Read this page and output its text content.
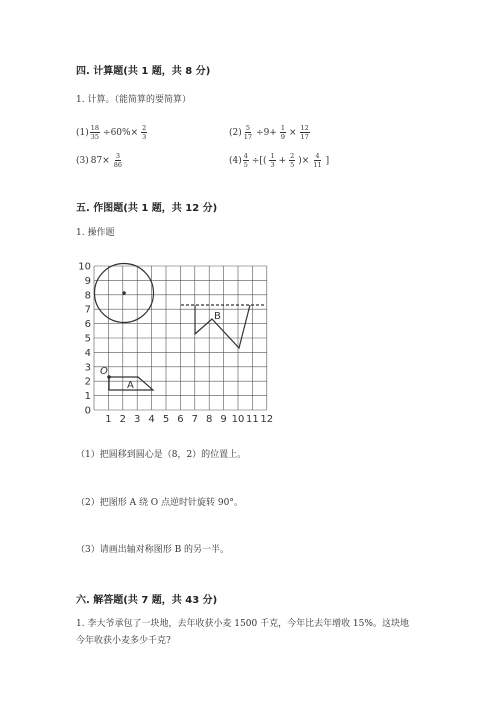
四. 计算题(共 1 题，共 8 分)
1. 计算。（能简算的要简算）
$(1) \frac{18}{35} \div 60\%\times \frac{2}{3}$	$(2) \frac{5}{17} \div 9+ \frac{1}{9} \times \frac{12}{17}$
(3) $87\times \frac{3}{86}$	$(4) \frac{4}{5}$ ÷[( $\frac{1}{3} + \frac{2}{5}$ )× $\frac{4}{11}$ ]
五. 作图题(共 1 题，共 12 分)
1. 操作题
10
9
8
7
6
5
4
3
2
1
0
1 2 3 4 5 6 7 8 9 10 11 12
B
A
O
（1）把圆移到圆心是（8，2）的位置上。
（2）把图形 A 绕 O 点逆时针旋转 90°。
（3）请画出轴对称图形 B 的另一半。
六. 解答题(共 7 题，共 43 分)
1. 李大爷承包了一块地，去年收获小麦 1500 千克，今年比去年增收 15%。这块地
今年收获小麦多少千克?
